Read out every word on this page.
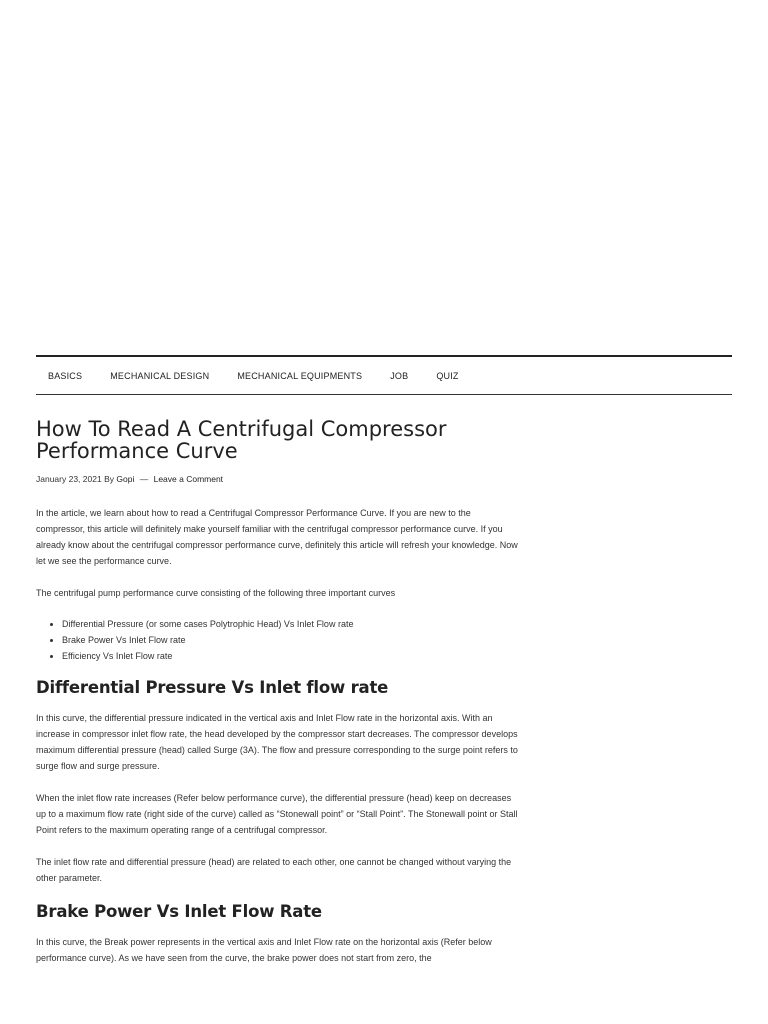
BASICS	MECHANICAL DESIGN	MECHANICAL EQUIPMENTS	JOB	QUIZ
How To Read A Centrifugal Compressor Performance Curve
January 23, 2021 By Gopi — Leave a Comment

In the article, we learn about how to read a Centrifugal Compressor Performance Curve. If you are new to the compressor, this article will definitely make yourself familiar with the centrifugal compressor performance curve. If you already know about the centrifugal compressor performance curve, definitely this article will refresh your knowledge. Now let we see the performance curve.

The centrifugal pump performance curve consisting of the following three important curves

• Differential Pressure (or some cases Polytrophic Head) Vs Inlet Flow rate
• Brake Power Vs Inlet Flow rate
• Efficiency Vs Inlet Flow rate
Differential Pressure Vs Inlet flow rate

In this curve, the differential pressure indicated in the vertical axis and Inlet Flow rate in the horizontal axis. With an increase in compressor inlet flow rate, the head developed by the compressor start decreases. The compressor develops maximum differential pressure (head) called Surge (3A). The flow and pressure corresponding to the surge point refers to surge flow and surge pressure.

When the inlet flow rate increases (Refer below performance curve), the differential pressure (head) keep on decreases up to a maximum flow rate (right side of the curve) called as “Stonewall point” or “Stall Point”. The Stonewall point or Stall Point refers to the maximum operating range of a centrifugal compressor.

The inlet flow rate and differential pressure (head) are related to each other, one cannot be changed without varying the other parameter.

Brake Power Vs Inlet Flow Rate

In this curve, the Break power represents in the vertical axis and Inlet Flow rate on the horizontal axis (Refer below performance curve). As we have seen from the curve, the brake power does not start from zero, the
